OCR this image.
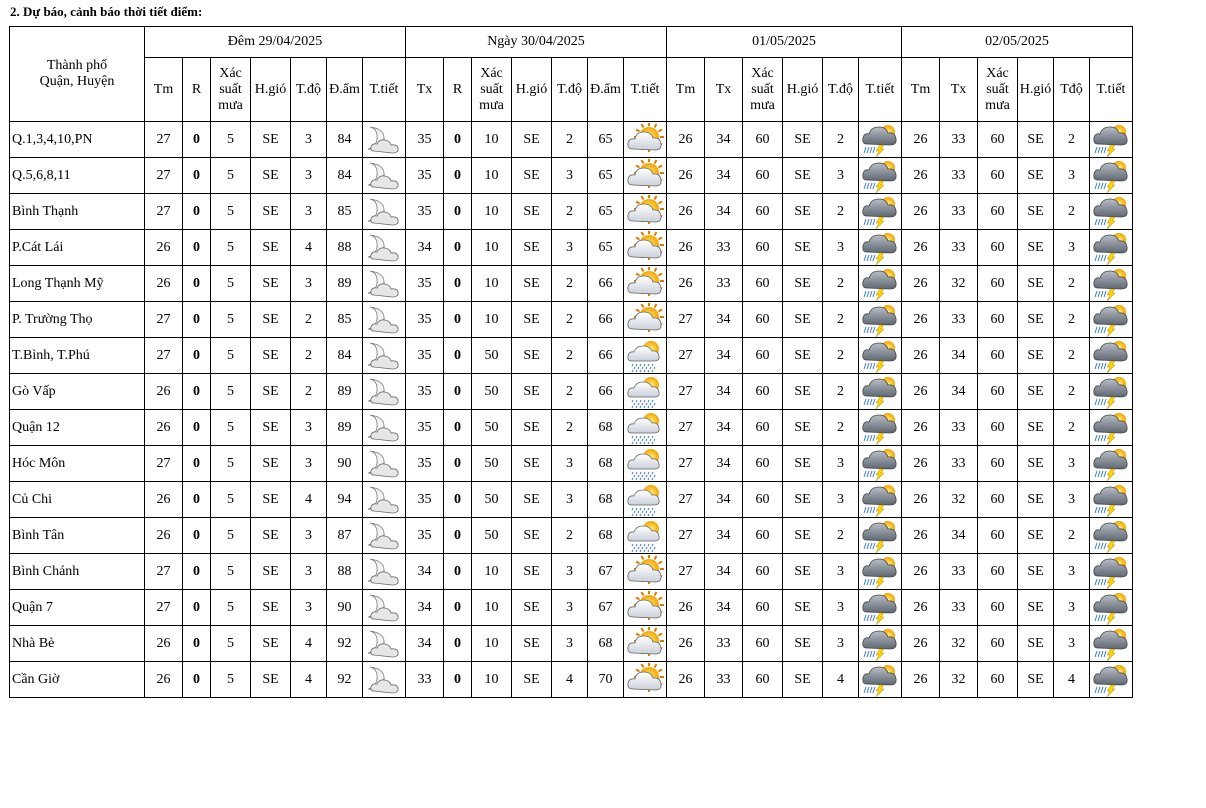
2. Dự báo, cảnh báo thời tiết điểm:
Thành phố
Quận, Huyện	Đêm 29/04/2025							Ngày 30/04/2025							01/05/2025						02/05/2025					
	Tm	R	Xác suất mưa	H.gió	T.độ	Đ.ẩm	T.tiết	Tx	R	Xác suất mưa	H.gió	T.độ	Đ.ẩm	T.tiết	Tm	Tx	Xác suất mưa	H.gió	T.độ	T.tiết	Tm	Tx	Xác suất mưa	H.gió	Tđộ	T.tiết
Q.1,3,4,10,PN	27	0	5	SE	3	84		35	0	10	SE	2	65		26	34	60	SE	2		26	33	60	SE	2	

Q.5,6,8,11	27	0	5	SE	3	84		35	0	10	SE	3	65		26	34	60	SE	3		26	33	60	SE	3	

Bình Thạnh	27	0	5	SE	3	85		35	0	10	SE	2	65		26	34	60	SE	2		26	33	60	SE	2	

P.Cát Lái	26	0	5	SE	4	88		34	0	10	SE	3	65		26	33	60	SE	3		26	33	60	SE	3	

Long Thạnh Mỹ	26	0	5	SE	3	89		35	0	10	SE	2	66		26	33	60	SE	2		26	32	60	SE	2	

P. Trường Thọ	27	0	5	SE	2	85		35	0	10	SE	2	66		27	34	60	SE	2		26	33	60	SE	2	

T.Bình, T.Phú	27	0	5	SE	2	84		35	0	50	SE	2	66		27	34	60	SE	2		26	34	60	SE	2	

Gò Vấp	26	0	5	SE	2	89		35	0	50	SE	2	66		27	34	60	SE	2		26	34	60	SE	2	

Quận 12	26	0	5	SE	3	89		35	0	50	SE	2	68		27	34	60	SE	2		26	33	60	SE	2	

Hóc Môn	27	0	5	SE	3	90		35	0	50	SE	3	68		27	34	60	SE	3		26	33	60	SE	3	

Củ Chi	26	0	5	SE	4	94		35	0	50	SE	3	68		27	34	60	SE	3		26	32	60	SE	3	

Bình Tân	26	0	5	SE	3	87		35	0	50	SE	2	68		27	34	60	SE	2		26	34	60	SE	2	

Bình Chánh	27	0	5	SE	3	88		34	0	10	SE	3	67		27	34	60	SE	3		26	33	60	SE	3	

Quận 7	27	0	5	SE	3	90		34	0	10	SE	3	67		26	34	60	SE	3		26	33	60	SE	3	

Nhà Bè	26	0	5	SE	4	92		34	0	10	SE	3	68		26	33	60	SE	3		26	32	60	SE	3	

Cần Giờ	26	0	5	SE	4	92		33	0	10	SE	4	70		26	33	60	SE	4		26	32	60	SE	4	
